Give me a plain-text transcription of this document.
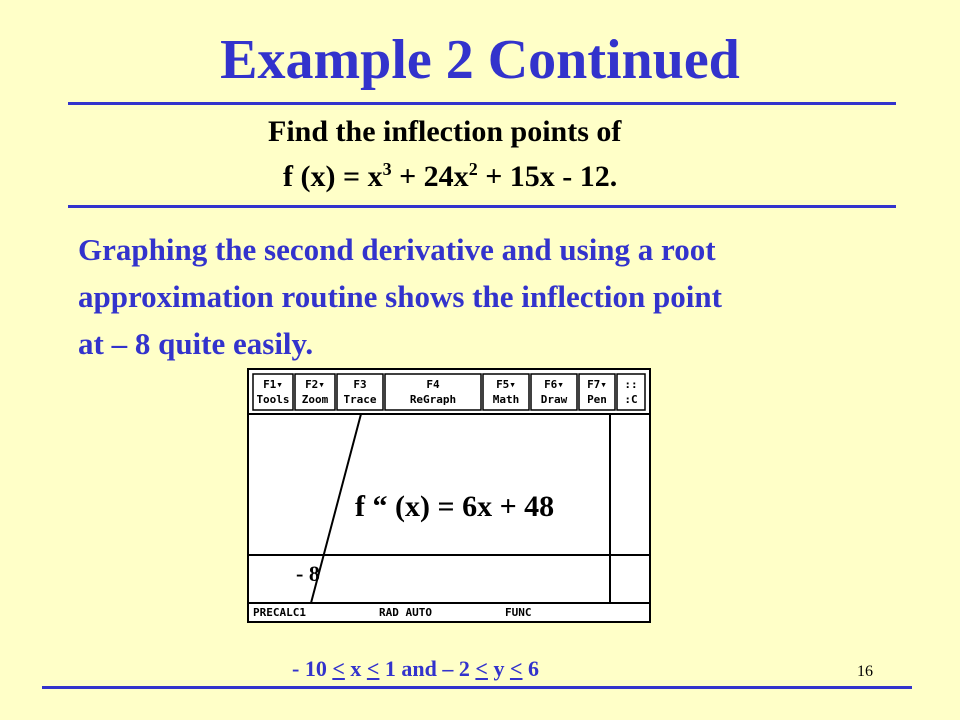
Example 2 Continued
Find the inflection points of
f $(x) = x^3 + 24x^2 + 15x - 12$.
Graphing the second derivative and using a root
approximation routine shows the inflection point
at – 8 quite easily.
F1▾
Tools
F2▾
Zoom
F3
Trace
F4
ReGraph
F5▾
Math
F6▾
Draw
F7▾
Pen
::
:C
PRECALC1	RAD AUTO	FUNC
f “ (x) = 6x + 48
- 8
- 10 < x < 1 and – 2 < y < 6	16
